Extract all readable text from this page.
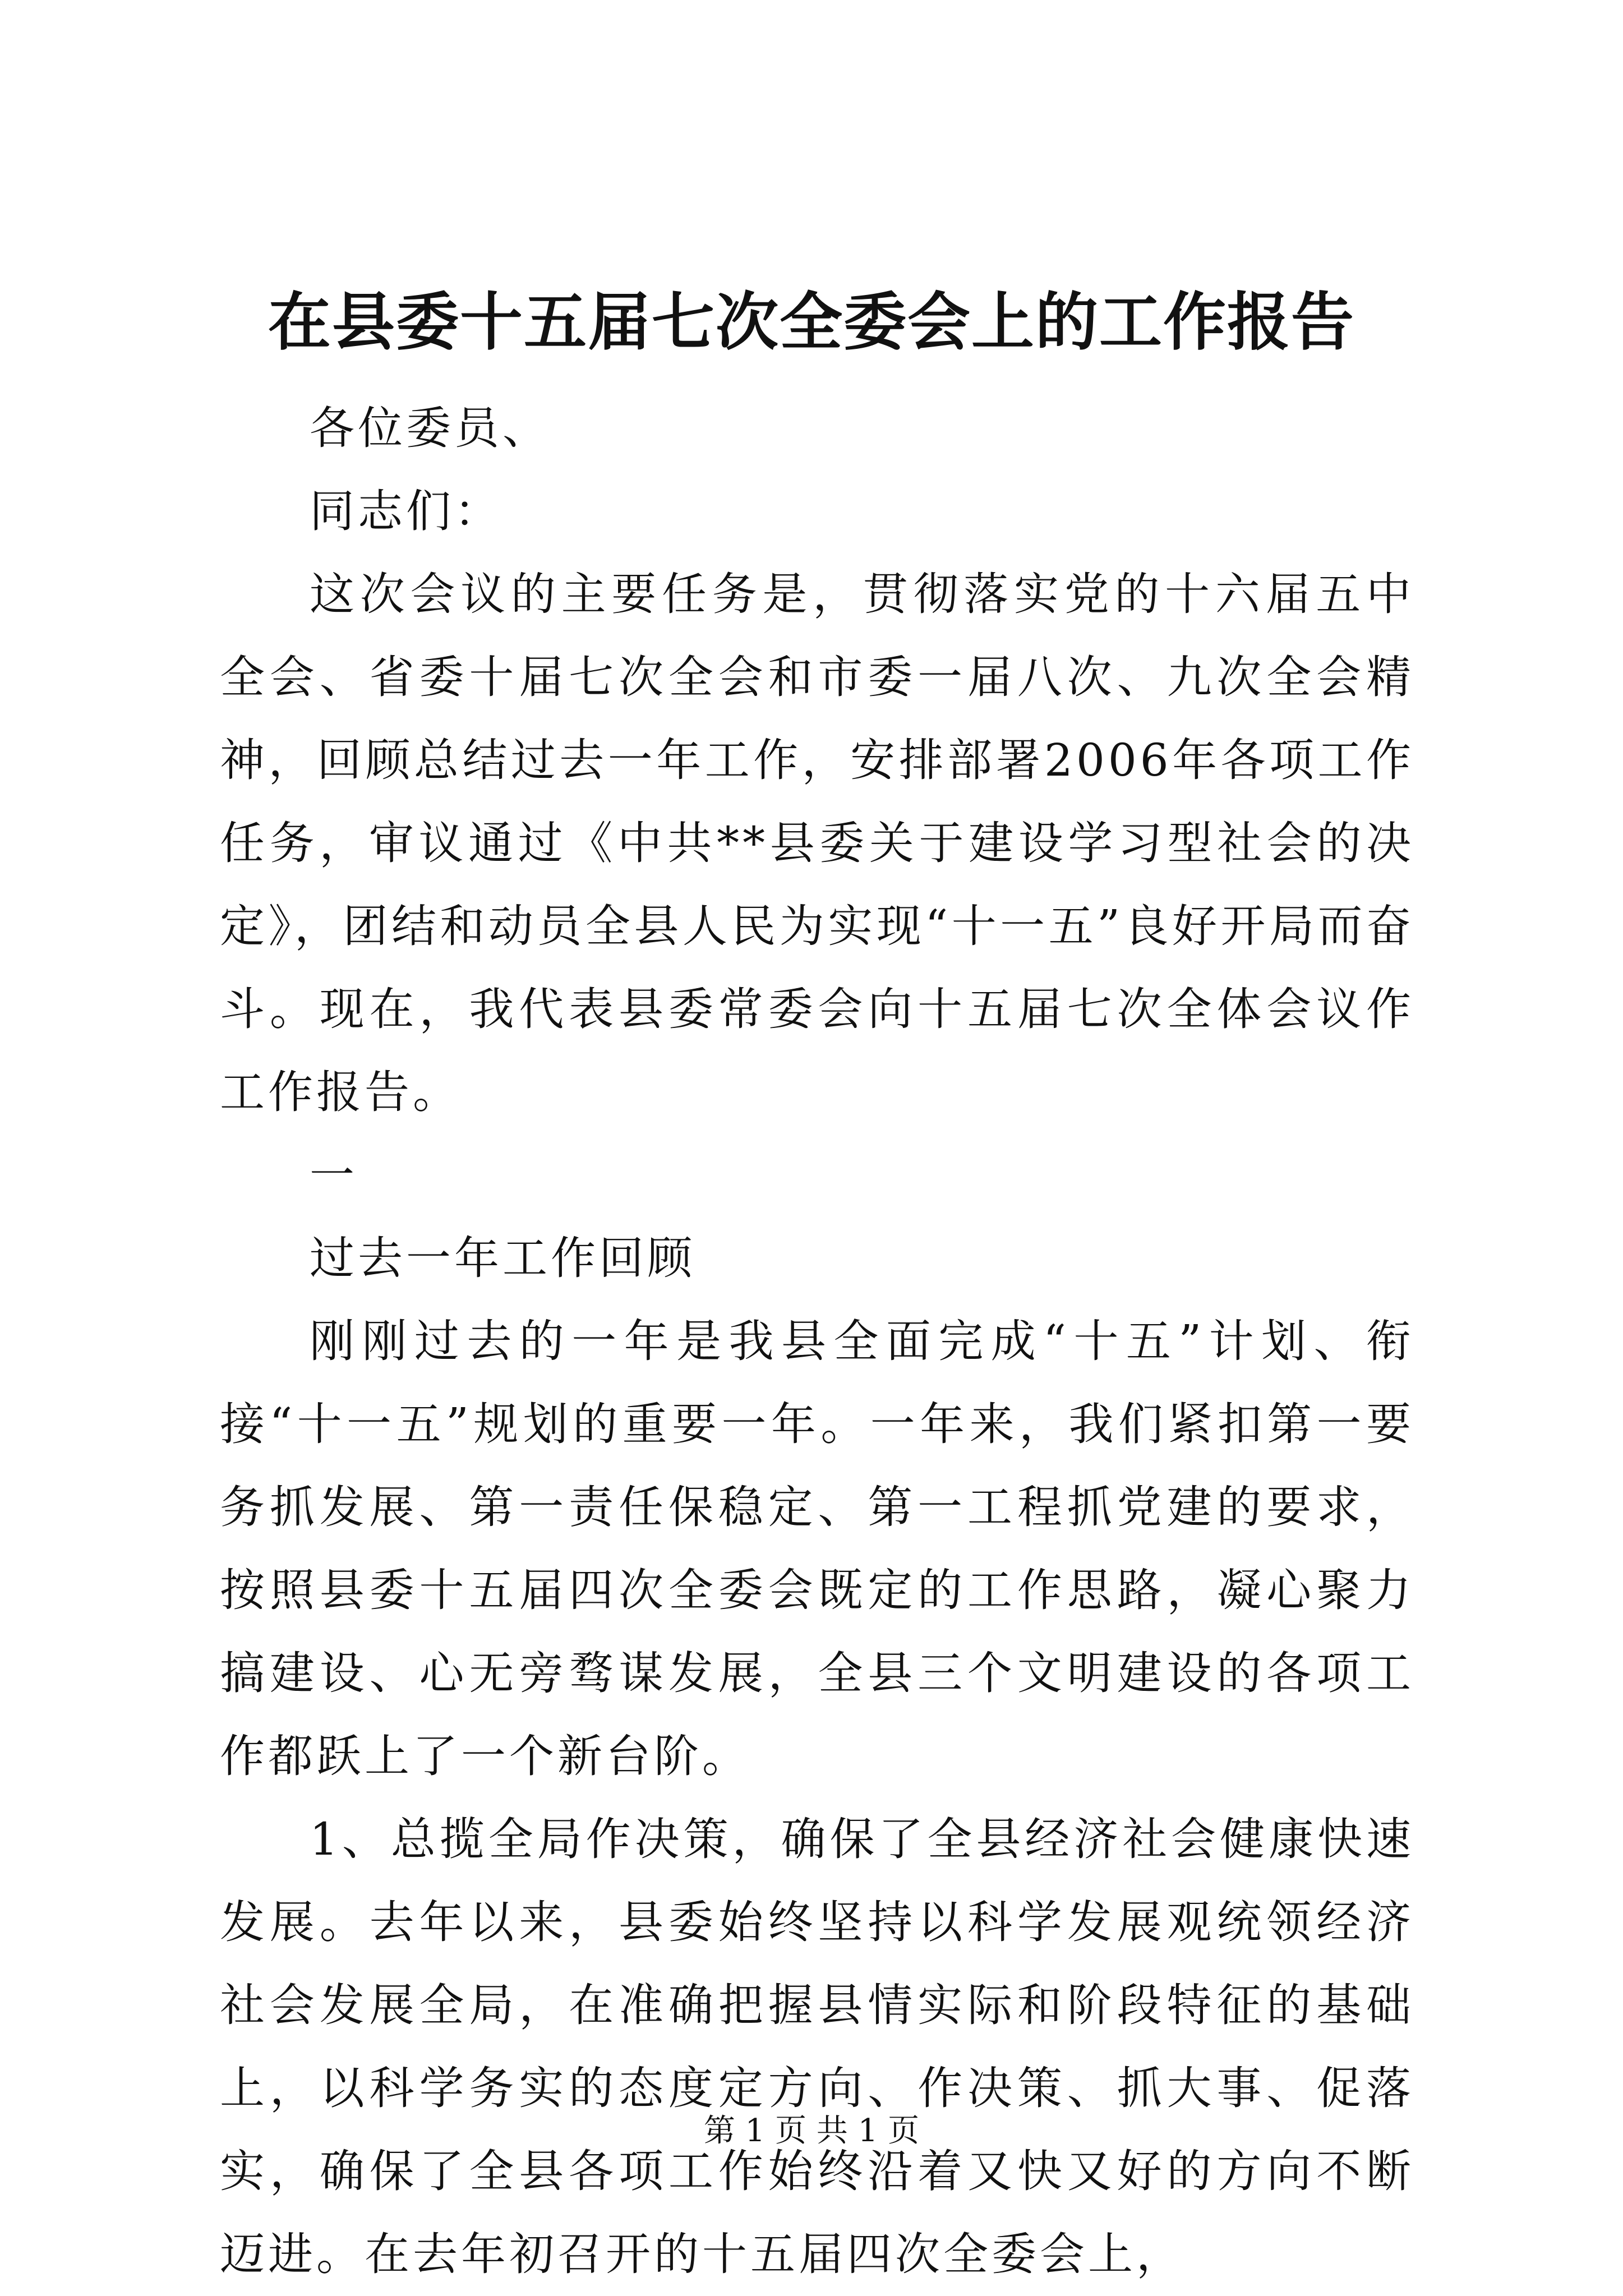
在县委十五届七次全委会上的工作报告

各位委员、

同志们：

这次会议的主要任务是，贯彻落实党的十六届五中全会、省委十届七次全会和市委一届八次、九次全会精神，回顾总结过去一年工作，安排部署2006年各项工作任务，审议通过《中共**县委关于建设学习型社会的决定》，团结和动员全县人民为实现“十一五”良好开局而奋斗。现在，我代表县委常委会向十五届七次全体会议作工作报告。

一

过去一年工作回顾

刚刚过去的一年是我县全面完成“十五”计划、衔接“十一五”规划的重要一年。一年来，我们紧扣第一要务抓发展、第一责任保稳定、第一工程抓党建的要求，按照县委十五届四次全委会既定的工作思路，凝心聚力搞建设、心无旁骛谋发展，全县三个文明建设的各项工作都跃上了一个新台阶。

1、总揽全局作决策，确保了全县经济社会健康快速发展。去年以来，县委始终坚持以科学发展观统领经济社会发展全局，在准确把握县情实际和阶段特征的基础上，以科学务实的态度定方向、作决策、抓大事、促落实，确保了全县各项工作始终沿着又快又好的方向不断迈进。在去年初召开的十五届四次全委会上，

第 1 页 共 1 页
